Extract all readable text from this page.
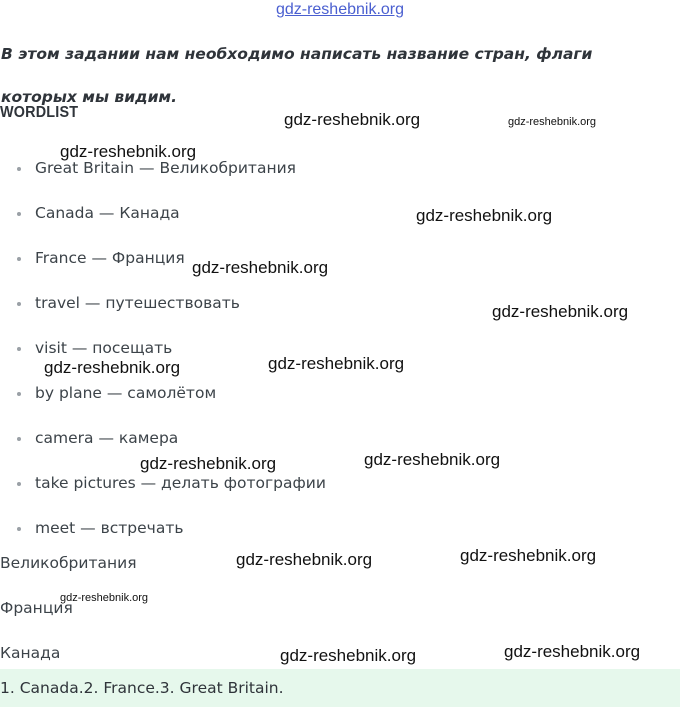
gdz-reshebnik.org
В этом задании нам необходимо написать название стран, флаги которых мы видим.
WORDLIST
Great Britain — Великобритания
Canada — Канада
France — Франция
travel — путешествовать
visit — посещать
by plane — самолётом
camera — камера
take pictures — делать фотографии
meet — встречать
Великобритания
Франция
Канада
1. Canada.2. France.3. Great Britain.
gdz-reshebnik.org	gdz-reshebnik.org
gdz-reshebnik.org
gdz-reshebnik.org
gdz-reshebnik.org
gdz-reshebnik.org
gdz-reshebnik.org
gdz-reshebnik.org
gdz-reshebnik.org
gdz-reshebnik.org
gdz-reshebnik.org
gdz-reshebnik.org
gdz-reshebnik.org
gdz-reshebnik.org
gdz-reshebnik.org
